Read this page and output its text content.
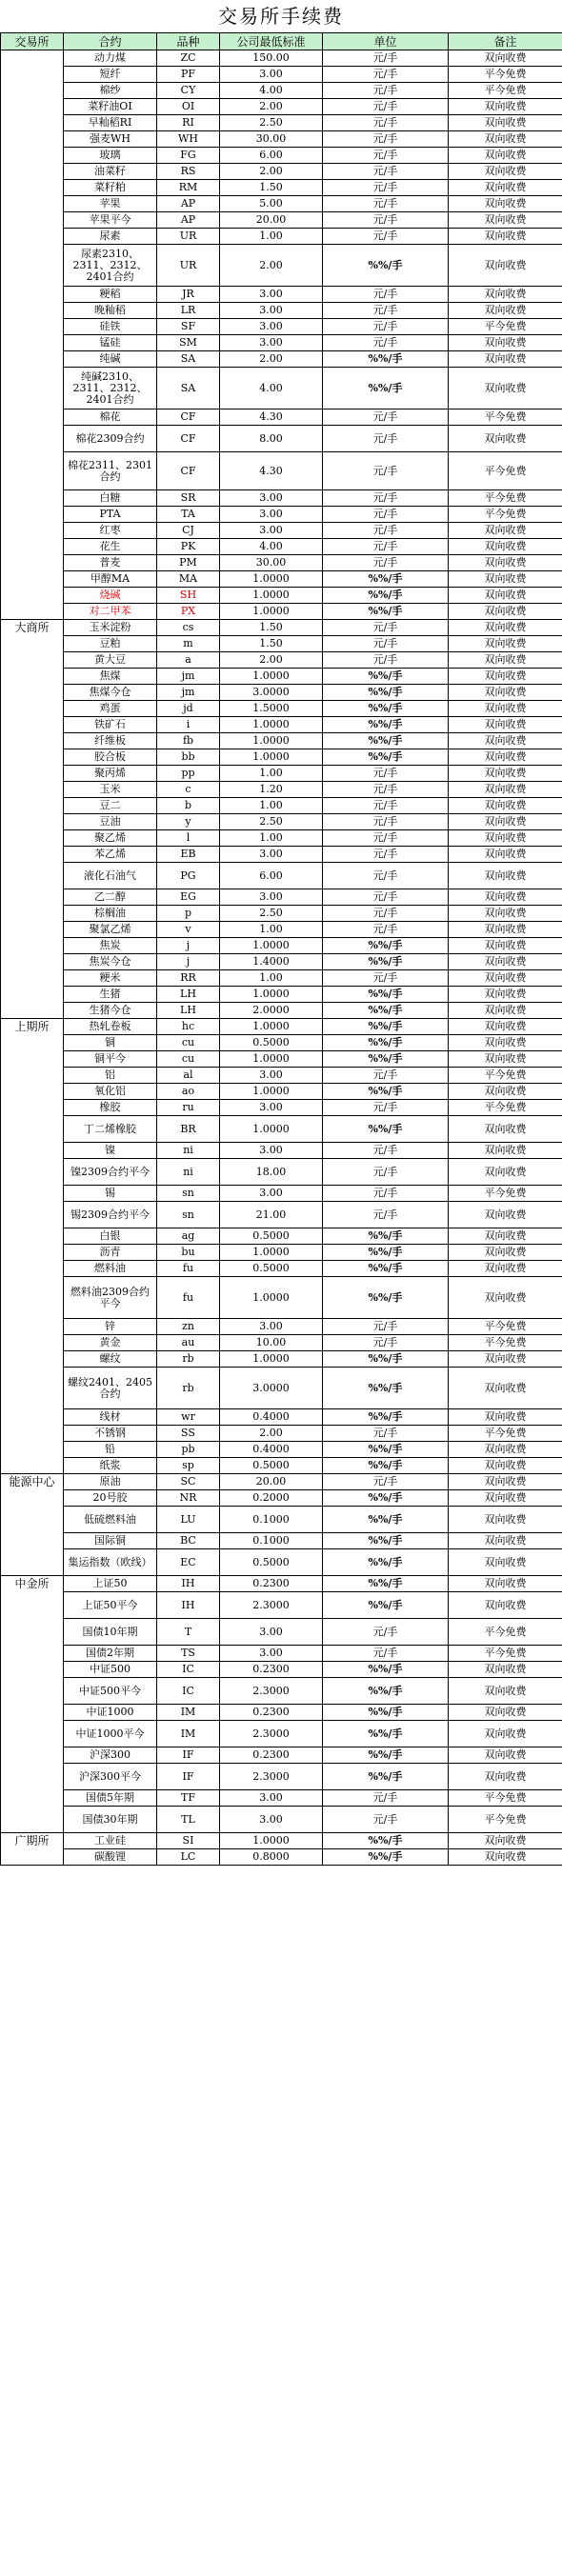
交易所手续费
交易所	合约	品种	公司最低标准	单位	备注
	动力煤	ZC	150.00	元/手	双向收费
	短纤	PF	3.00	元/手	平今免费
	棉纱	CY	4.00	元/手	平今免费
	菜籽油OI	OI	2.00	元/手	双向收费
	早籼稻RI	RI	2.50	元/手	双向收费
	强麦WH	WH	30.00	元/手	双向收费
	玻璃	FG	6.00	元/手	双向收费
	油菜籽	RS	2.00	元/手	双向收费
	菜籽粕	RM	1.50	元/手	双向收费
	苹果	AP	5.00	元/手	双向收费
	苹果平今	AP	20.00	元/手	双向收费
	尿素	UR	1.00	元/手	双向收费
	尿素2310、2311、2312、2401合约	UR	2.00	%%/手	双向收费
	粳稻	JR	3.00	元/手	双向收费
	晚籼稻	LR	3.00	元/手	双向收费
	硅铁	SF	3.00	元/手	平今免费
	锰硅	SM	3.00	元/手	双向收费
	纯碱	SA	2.00	%%/手	双向收费
	纯碱2310、2311、2312、2401合约	SA	4.00	%%/手	双向收费
	棉花	CF	4.30	元/手	平今免费
	棉花2309合约	CF	8.00	元/手	双向收费
	棉花2311、2301合约	CF	4.30	元/手	平今免费
	白糖	SR	3.00	元/手	平今免费
	PTA	TA	3.00	元/手	平今免费
	红枣	CJ	3.00	元/手	双向收费
	花生	PK	4.00	元/手	双向收费
	普麦	PM	30.00	元/手	双向收费
	甲醇MA	MA	1.0000	%%/手	双向收费
	烧碱	SH	1.0000	%%/手	双向收费
	对二甲苯	PX	1.0000	%%/手	双向收费
大商所	玉米淀粉	cs	1.50	元/手	双向收费
	豆粕	m	1.50	元/手	双向收费
	黄大豆	a	2.00	元/手	双向收费
	焦煤	jm	1.0000	%%/手	双向收费
	焦煤今仓	jm	3.0000	%%/手	双向收费
	鸡蛋	jd	1.5000	%%/手	双向收费
	铁矿石	i	1.0000	%%/手	双向收费
	纤维板	fb	1.0000	%%/手	双向收费
	胶合板	bb	1.0000	%%/手	双向收费
	聚丙烯	pp	1.00	元/手	双向收费
	玉米	c	1.20	元/手	双向收费
	豆二	b	1.00	元/手	双向收费
	豆油	y	2.50	元/手	双向收费
	聚乙烯	l	1.00	元/手	双向收费
	苯乙烯	EB	3.00	元/手	双向收费
	液化石油气	PG	6.00	元/手	双向收费
	乙二醇	EG	3.00	元/手	双向收费
	棕榈油	p	2.50	元/手	双向收费
	聚氯乙烯	v	1.00	元/手	双向收费
	焦炭	j	1.0000	%%/手	双向收费
	焦炭今仓	j	1.4000	%%/手	双向收费
	粳米	RR	1.00	元/手	双向收费
	生猪	LH	1.0000	%%/手	双向收费
	生猪今仓	LH	2.0000	%%/手	双向收费
上期所	热轧卷板	hc	1.0000	%%/手	双向收费
	铜	cu	0.5000	%%/手	双向收费
	铜平今	cu	1.0000	%%/手	双向收费
	铝	al	3.00	元/手	平今免费
	氧化铝	ao	1.0000	%%/手	双向收费
	橡胶	ru	3.00	元/手	平今免费
	丁二烯橡胶	BR	1.0000	%%/手	双向收费
	镍	ni	3.00	元/手	双向收费
	镍2309合约平今	ni	18.00	元/手	双向收费
	锡	sn	3.00	元/手	平今免费
	锡2309合约平今	sn	21.00	元/手	双向收费
	白银	ag	0.5000	%%/手	双向收费
	沥青	bu	1.0000	%%/手	双向收费
	燃料油	fu	0.5000	%%/手	双向收费
	燃料油2309合约平今	fu	1.0000	%%/手	双向收费
	锌	zn	3.00	元/手	平今免费
	黄金	au	10.00	元/手	平今免费
	螺纹	rb	1.0000	%%/手	双向收费
	螺纹2401、2405合约	rb	3.0000	%%/手	双向收费
	线材	wr	0.4000	%%/手	双向收费
	不锈钢	SS	2.00	元/手	平今免费
	铅	pb	0.4000	%%/手	双向收费
	纸浆	sp	0.5000	%%/手	双向收费
能源中心	原油	SC	20.00	元/手	双向收费
	20号胶	NR	0.2000	%%/手	双向收费
	低硫燃料油	LU	0.1000	%%/手	双向收费
	国际铜	BC	0.1000	%%/手	双向收费
	集运指数（欧线）	EC	0.5000	%%/手	双向收费
中金所	上证50	IH	0.2300	%%/手	双向收费
	上证50平今	IH	2.3000	%%/手	双向收费
	国债10年期	T	3.00	元/手	平今免费
	国债2年期	TS	3.00	元/手	平今免费
	中证500	IC	0.2300	%%/手	双向收费
	中证500平今	IC	2.3000	%%/手	双向收费
	中证1000	IM	0.2300	%%/手	双向收费
	中证1000平今	IM	2.3000	%%/手	双向收费
	沪深300	IF	0.2300	%%/手	双向收费
	沪深300平今	IF	2.3000	%%/手	双向收费
	国债5年期	TF	3.00	元/手	平今免费
	国债30年期	TL	3.00	元/手	平今免费
广期所	工业硅	SI	1.0000	%%/手	双向收费
	碳酸锂	LC	0.8000	%%/手	双向收费
